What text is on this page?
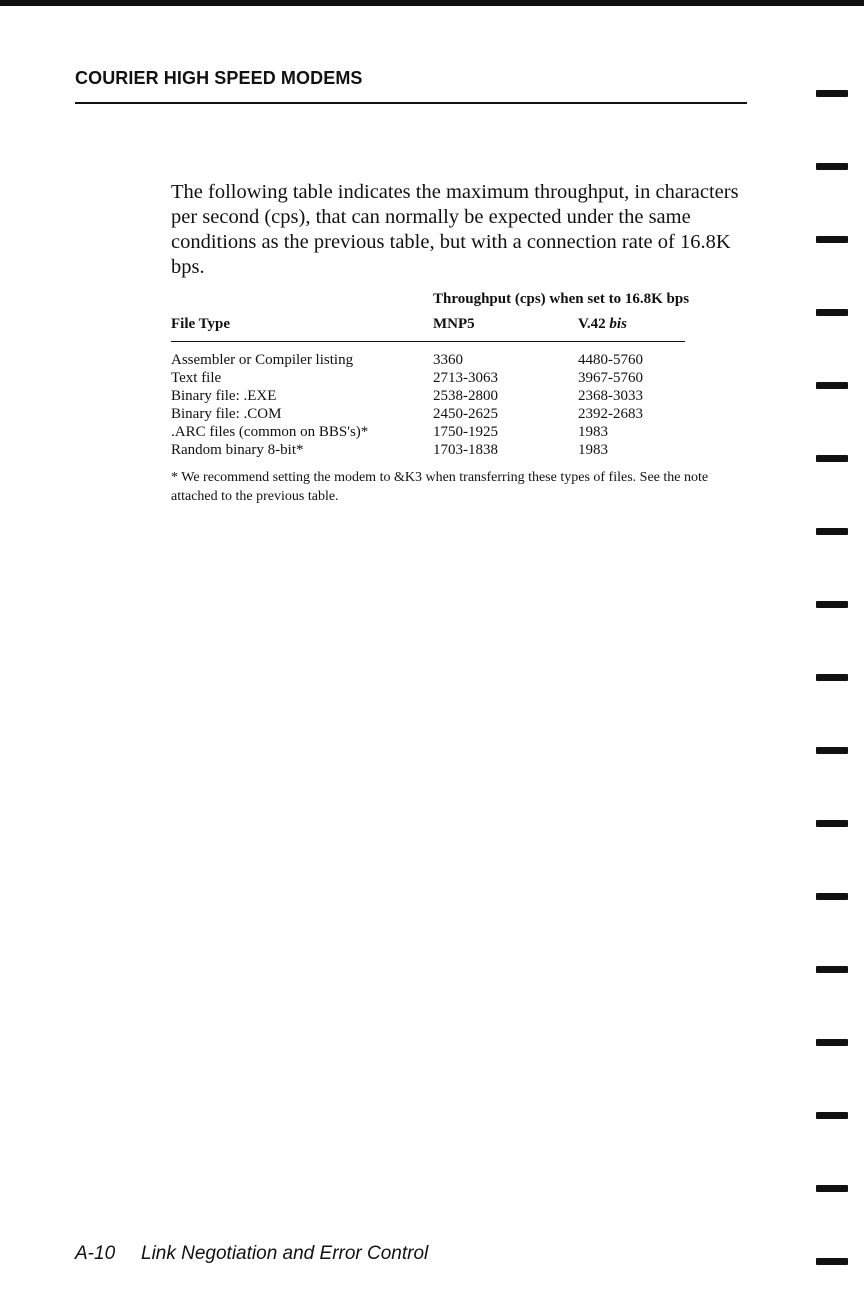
COURIER HIGH SPEED MODEMS

The following table indicates the maximum throughput, in characters per second (cps), that can normally be expected under the same conditions as the previous table, but with a connection rate of 16.8K bps.

Throughput (cps) when set to 16.8K bps
File Type	MNP5	V.42 bis
Assembler or Compiler listing	3360	4480-5760
Text file	2713-3063	3967-5760
Binary file: .EXE	2538-2800	2368-3033
Binary file: .COM	2450-2625	2392-2683
.ARC files (common on BBS's)*	1750-1925	1983
Random binary 8-bit*	1703-1838	1983

* We recommend setting the modem to &K3 when transferring these types of files. See the note attached to the previous table.

A-10 Link Negotiation and Error Control
